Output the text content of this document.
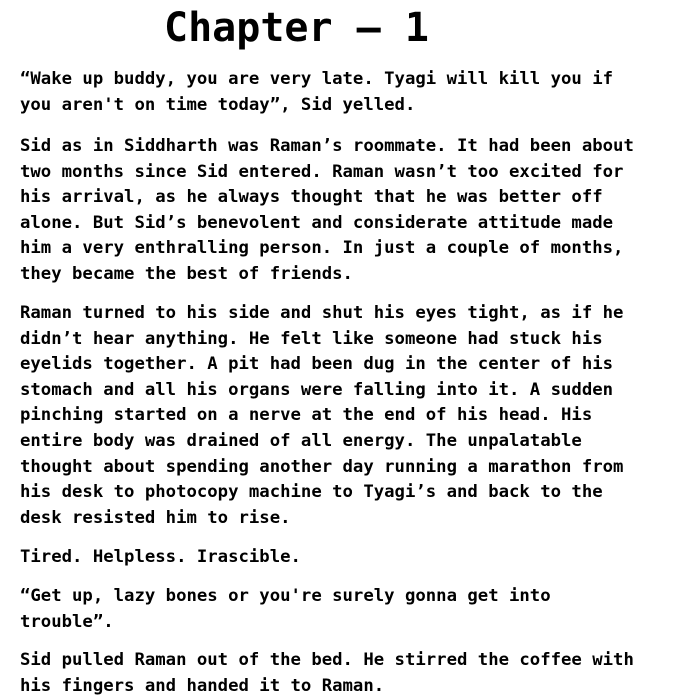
Chapter – 1

“Wake up buddy, you are very late. Tyagi will kill you if
you aren't on time today”, Sid yelled.

Sid as in Siddharth was Raman’s roommate. It had been about
two months since Sid entered. Raman wasn’t too excited for
his arrival, as he always thought that he was better off
alone. But Sid’s benevolent and considerate attitude made
him a very enthralling person. In just a couple of months,
they became the best of friends.

Raman turned to his side and shut his eyes tight, as if he
didn’t hear anything. He felt like someone had stuck his
eyelids together. A pit had been dug in the center of his
stomach and all his organs were falling into it. A sudden
pinching started on a nerve at the end of his head. His
entire body was drained of all energy. The unpalatable
thought about spending another day running a marathon from
his desk to photocopy machine to Tyagi’s and back to the
desk resisted him to rise.

Tired. Helpless. Irascible.

“Get up, lazy bones or you're surely gonna get into
trouble”.

Sid pulled Raman out of the bed. He stirred the coffee with
his fingers and handed it to Raman.
